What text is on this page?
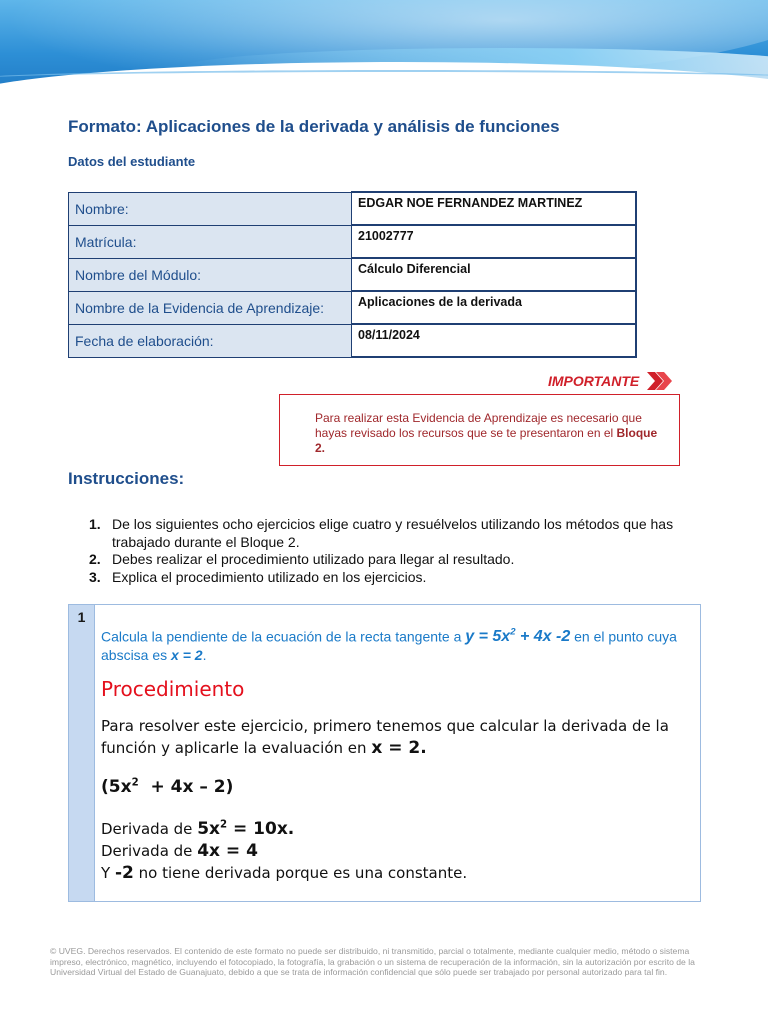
Formato: Aplicaciones de la derivada y análisis de funciones
Datos del estudiante
Nombre:	EDGAR NOE FERNANDEZ MARTINEZ
Matrícula:	21002777
Nombre del Módulo:	Cálculo Diferencial
Nombre de la Evidencia de Aprendizaje:	Aplicaciones de la derivada
Fecha de elaboración:	08/11/2024
IMPORTANTE
Para realizar esta Evidencia de Aprendizaje es necesario que hayas revisado los recursos que se te presentaron en el Bloque 2.
Instrucciones:
1. De los siguientes ocho ejercicios elige cuatro y resuélvelos utilizando los métodos que has trabajado durante el Bloque 2.
2. Debes realizar el procedimiento utilizado para llegar al resultado.
3. Explica el procedimiento utilizado en los ejercicios.
1
Calcula la pendiente de la ecuación de la recta tangente a $y = 5x^2 + 4x$ -2 en el punto cuya abscisa es x = 2.
Procedimiento
Para resolver este ejercicio, primero tenemos que calcular la derivada de la función y aplicarle la evaluación en x = 2.
$(5x^2 + 4x - 2)$
Derivada de $5x^2 = 10x$.
Derivada de 4x = 4
Y -2 no tiene derivada porque es una constante.
© UVEG. Derechos reservados. El contenido de este formato no puede ser distribuido, ni transmitido, parcial o totalmente, mediante cualquier medio, método o sistema impreso, electrónico, magnético, incluyendo el fotocopiado, la fotografía, la grabación o un sistema de recuperación de la información, sin la autorización por escrito de la Universidad Virtual del Estado de Guanajuato, debido a que se trata de información confidencial que sólo puede ser trabajado por personal autorizado para tal fin.
